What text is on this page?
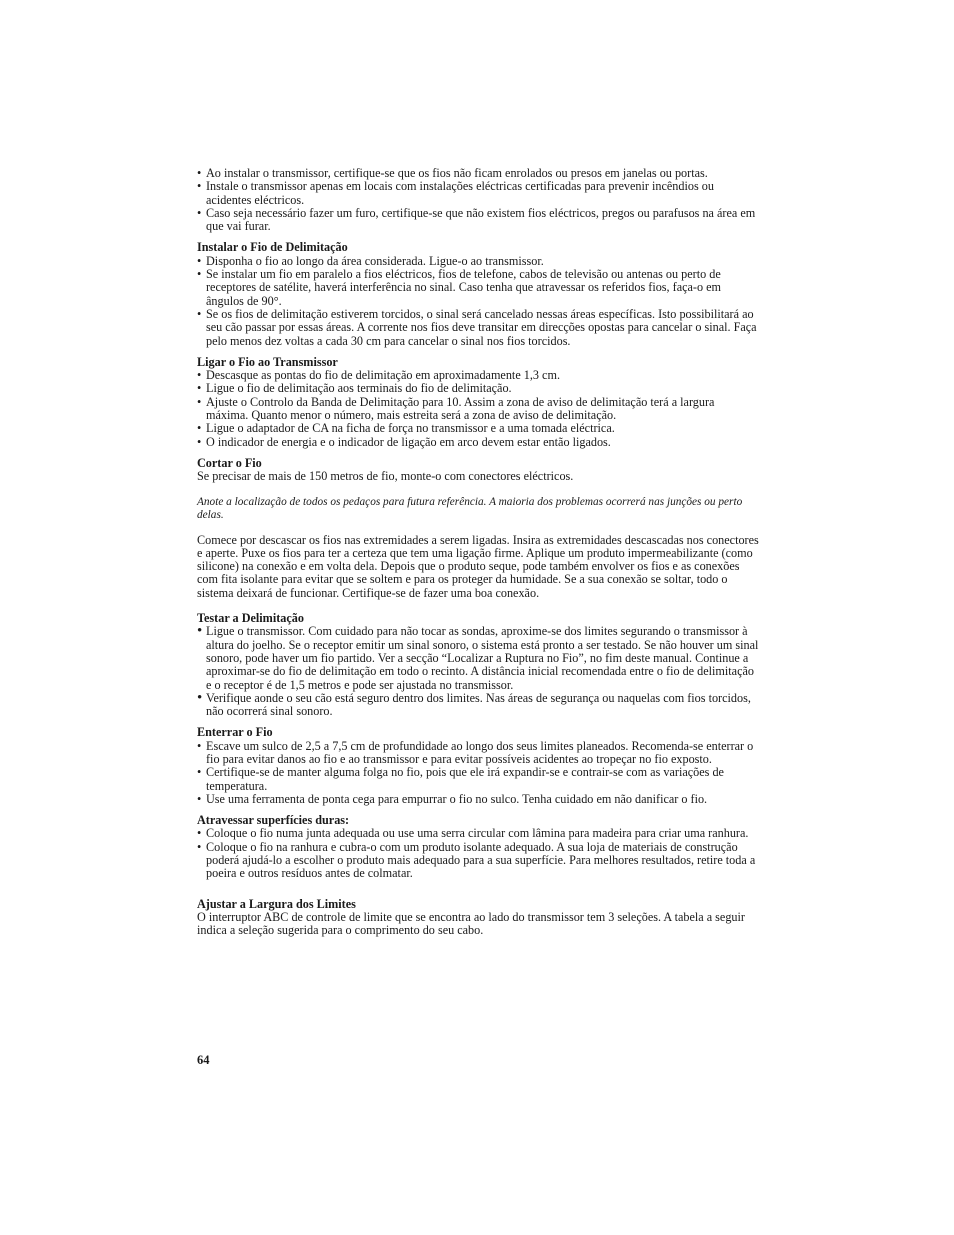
• Ao instalar o transmissor, certifique-se que os fios não ficam enrolados ou presos em janelas ou portas.
• Instale o transmissor apenas em locais com instalações eléctricas certificadas para prevenir incêndios ou acidentes eléctricos.
• Caso seja necessário fazer um furo, certifique-se que não existem fios eléctricos, pregos ou parafusos na área em que vai furar.
Instalar o Fio de Delimitação
• Disponha o fio ao longo da área considerada. Ligue-o ao transmissor.
• Se instalar um fio em paralelo a fios eléctricos, fios de telefone, cabos de televisão ou antenas ou perto de receptores de satélite, haverá interferência no sinal. Caso tenha que atravessar os referidos fios, faça-o em ângulos de 90°.
• Se os fios de delimitação estiverem torcidos, o sinal será cancelado nessas áreas específicas. Isto possibilitará ao seu cão passar por essas áreas. A corrente nos fios deve transitar em direcções opostas para cancelar o sinal. Faça pelo menos dez voltas a cada 30 cm para cancelar o sinal nos fios torcidos.
Ligar o Fio ao Transmissor
• Descasque as pontas do fio de delimitação em aproximadamente 1,3 cm.
• Ligue o fio de delimitação aos terminais do fio de delimitação.
• Ajuste o Controlo da Banda de Delimitação para 10. Assim a zona de aviso de delimitação terá a largura máxima. Quanto menor o número, mais estreita será a zona de aviso de delimitação.
• Ligue o adaptador de CA na ficha de força no transmissor e a uma tomada eléctrica.
• O indicador de energia e o indicador de ligação em arco devem estar então ligados.
Cortar o Fio

Se precisar de mais de 150 metros de fio, monte-o com conectores eléctricos.

Anote a localização de todos os pedaços para futura referência. A maioria dos problemas ocorrerá nas junções ou perto delas.

Comece por descascar os fios nas extremidades a serem ligadas. Insira as extremidades descascadas nos conectores e aperte. Puxe os fios para ter a certeza que tem uma ligação firme. Aplique um produto impermeabilizante (como silicone) na conexão e em volta dela. Depois que o produto seque, pode também envolver os fios e as conexões com fita isolante para evitar que se soltem e para os proteger da humidade. Se a sua conexão se soltar, todo o sistema deixará de funcionar. Certifique-se de fazer uma boa conexão.

Testar a Delimitação
• Ligue o transmissor. Com cuidado para não tocar as sondas, aproxime-se dos limites segurando o transmissor à altura do joelho. Se o receptor emitir um sinal sonoro, o sistema está pronto a ser testado. Se não houver um sinal sonoro, pode haver um fio partido. Ver a secção “Localizar a Ruptura no Fio”, no fim deste manual. Continue a aproximar-se do fio de delimitação em todo o recinto. A distância inicial recomendada entre o fio de delimitação e o receptor é de 1,5 metros e pode ser ajustada no transmissor.
• Verifique aonde o seu cão está seguro dentro dos limites. Nas áreas de segurança ou naquelas com fios torcidos, não ocorrerá sinal sonoro.
Enterrar o Fio
• Escave um sulco de 2,5 a 7,5 cm de profundidade ao longo dos seus limites planeados. Recomenda-se enterrar o fio para evitar danos ao fio e ao transmissor e para evitar possíveis acidentes ao tropeçar no fio exposto.
• Certifique-se de manter alguma folga no fio, pois que ele irá expandir-se e contrair-se com as variações de temperatura.
• Use uma ferramenta de ponta cega para empurrar o fio no sulco. Tenha cuidado em não danificar o fio.
Atravessar superfícies duras:
• Coloque o fio numa junta adequada ou use uma serra circular com lâmina para madeira para criar uma ranhura.
• Coloque o fio na ranhura e cubra-o com um produto isolante adequado. A sua loja de materiais de construção poderá ajudá-lo a escolher o produto mais adequado para a sua superfície. Para melhores resultados, retire toda a poeira e outros resíduos antes de colmatar.
Ajustar a Largura dos Limites

O interruptor ABC de controle de limite que se encontra ao lado do transmissor tem 3 seleções. A tabela a seguir indica a seleção sugerida para o comprimento do seu cabo.

64
